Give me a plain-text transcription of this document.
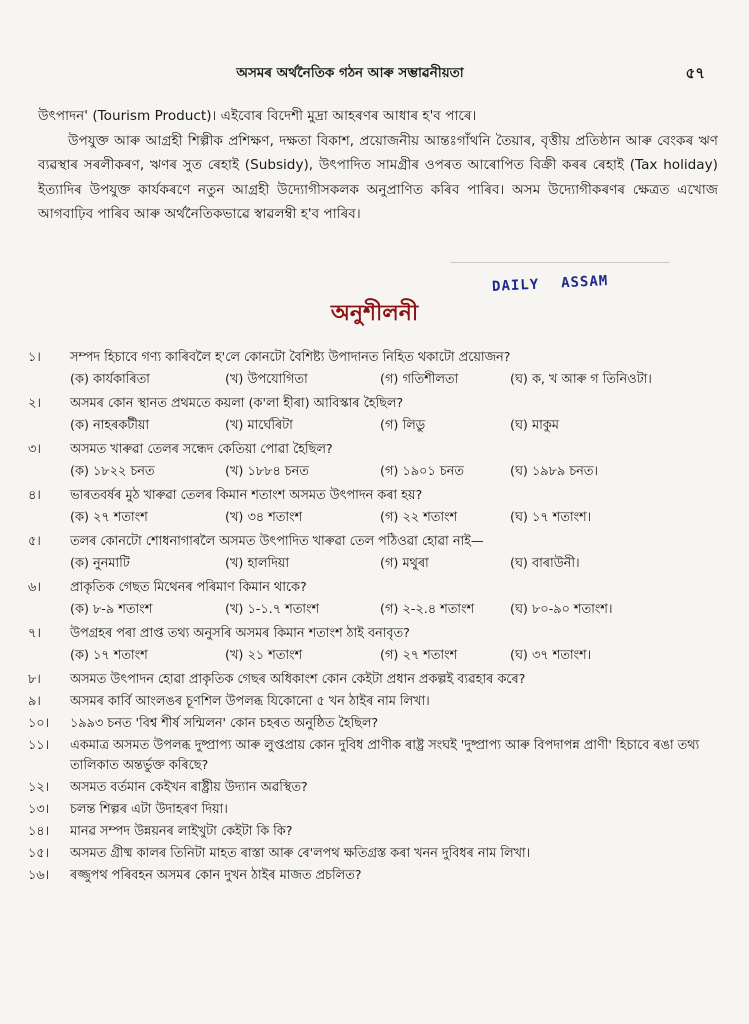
অসমৰ অৰ্থনৈতিক গঠন আৰু সম্ভাৱনীয়তা	৫৭

উৎপাদন' (Tourism Product)। এইবোৰ বিদেশী মুদ্ৰা আহৰণৰ আধাৰ হ'ব পাৰে।

উপযুক্ত আৰু আগ্ৰহী শিল্পীক প্ৰশিক্ষণ, দক্ষতা বিকাশ, প্ৰয়োজনীয় আন্তঃগাঁথনি তৈয়াৰ, বৃত্তীয় প্ৰতিষ্ঠান আৰু বেংকৰ ঋণ ব্যৱস্থাৰ সৰলীকৰণ, ঋণৰ সুত ৰেহাই (Subsidy), উৎপাদিত সামগ্ৰীৰ ওপৰত আৰোপিত বিক্ৰী কৰৰ ৰেহাই (Tax holiday) ইত্যাদিৰ উপযুক্ত কাৰ্যকৰণে নতুন আগ্ৰহী উদ্যোগীসকলক অনুপ্ৰাণিত কৰিব পাৰিব। অসম উদ্যোগীকৰণৰ ক্ষেত্ৰত এখোজ আগবাঢ়িব পাৰিব আৰু অৰ্থনৈতিকভাৱে স্বাৱলম্বী হ'ব পাৰিব।

DAILY ASSAM
অনুশীলনী
১।	সম্পদ হিচাবে গণ্য কাৰিবলৈ হ'লে কোনটো বৈশিষ্ট্য উপাদানত নিহিত থকাটো প্ৰয়োজন?
(ক) কাৰ্যকাৰিতা	(খ) উপযোগিতা	(গ) গতিশীলতা	(ঘ) ক, খ আৰু গ তিনিওটা।
২।	অসমৰ কোন স্থানত প্ৰথমতে কয়লা (ক'লা হীৰা) আবিস্কাৰ হৈছিল?
(ক) নাহৰকটীয়া	(খ) মাৰ্ঘেৰিটা	(গ) লিডু	(ঘ) মাকুম
৩।	অসমত খাৰুৱা তেলৰ সন্ধেদ কেতিয়া পোৱা হৈছিল?
(ক) ১৮২২ চনত	(খ) ১৮৮৪ চনত	(গ) ১৯০১ চনত	(ঘ) ১৯৮৯ চনত।
৪।	ভাৰতবৰ্ষৰ মুঠ খাৰুৱা তেলৰ কিমান শতাংশ অসমত উৎপাদন কৰা হয়?
(ক) ২৭ শতাংশ	(খ) ৩৪ শতাংশ	(গ) ২২ শতাংশ	(ঘ) ১৭ শতাংশ।
৫।	তলৰ কোনটো শোধনাগাৰলৈ অসমত উৎপাদিত খাৰুৱা তেল পঠিওৱা হোৱা নাই—
(ক) নুনমাটি	(খ) হালদিয়া	(গ) মথুৰা	(ঘ) বাৰাউনী।
৬।	প্ৰাকৃতিক গেছত মিথেনৰ পৰিমাণ কিমান থাকে?
(ক) ৮-৯ শতাংশ	(খ) ১-১.৭ শতাংশ	(গ) ২-২.৪ শতাংশ	(ঘ) ৮০-৯০ শতাংশ।
৭।	উপগ্ৰহৰ পৰা প্ৰাপ্ত তথ্য অনুসৰি অসমৰ কিমান শতাংশ ঠাই বনাবৃত?
(ক) ১৭ শতাংশ	(খ) ২১ শতাংশ	(গ) ২৭ শতাংশ	(ঘ) ৩৭ শতাংশ।
৮।	অসমত উৎপাদন হোৱা প্ৰাকৃতিক গেছৰ অধিকাংশ কোন কেইটা প্ৰধান প্ৰকল্পই ব্যৱহাৰ কৰে?
৯।	অসমৰ কাৰ্বি আংলঙৰ চূণশিল উপলব্ধ যিকোনো ৫ খন ঠাইৰ নাম লিখা।
১০।	১৯৯৩ চনত 'বিশ্ব শীৰ্ষ সন্মিলন' কোন চহৰত অনুষ্ঠিত হৈছিল?
১১।	একমাত্ৰ অসমত উপলব্ধ দুষ্প্ৰাপ্য আৰু লুপ্তপ্ৰায় কোন দুবিধ প্ৰাণীক ৰাষ্ট্ৰ সংঘই 'দুষ্প্ৰাপ্য আৰু বিপদাপন্ন প্ৰাণী' হিচাবে ৰঙা তথ্য তালিকাত অন্তৰ্ভুক্ত কৰিছে?
১২।	অসমত বৰ্তমান কেইখন ৰাষ্ট্ৰীয় উদ্যান অৱস্থিত?
১৩।	চলন্ত শিল্পৰ এটা উদাহৰণ দিয়া।
১৪।	মানৱ সম্পদ উন্নয়নৰ লাইখুটা কেইটা কি কি?
১৫।	অসমত গ্ৰীষ্ম কালৰ তিনিটা মাহত ৰাস্তা আৰু ৰে'লপথ ক্ষতিগ্ৰস্ত কৰা খনন দুবিধৰ নাম লিখা।
১৬।	ৰজ্জুপথ পৰিবহন অসমৰ কোন দুখন ঠাইৰ মাজত প্ৰচলিত?
